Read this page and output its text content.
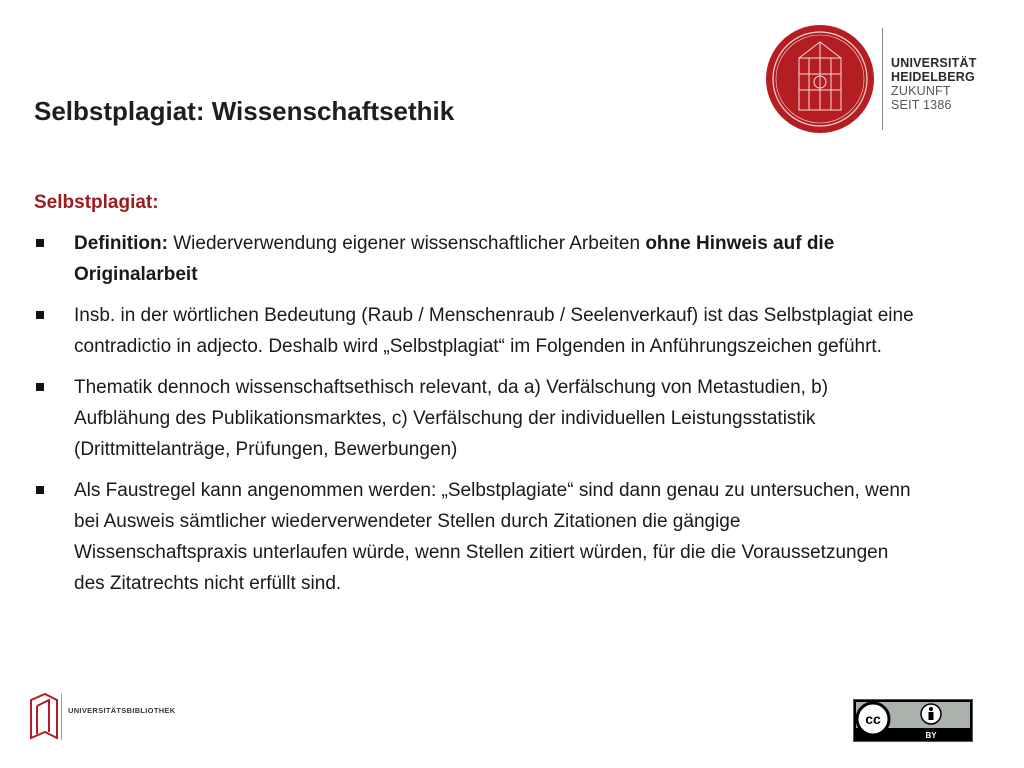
Selbstplagiat: Wissenschaftsethik
UNIVERSITÄT
HEIDELBERG
ZUKUNFT
SEIT 1386

Selbstplagiat:

Definition: Wiederverwendung eigener wissenschaftlicher Arbeiten ohne Hinweis auf die Originalarbeit
Insb. in der wörtlichen Bedeutung (Raub / Menschenraub / Seelenverkauf) ist das Selbstplagiat eine contradictio in adjecto. Deshalb wird „Selbstplagiat“ im Folgenden in Anführungszeichen geführt.
Thematik dennoch wissenschaftsethisch relevant, da a) Verfälschung von Metastudien, b) Aufblähung des Publikationsmarktes, c) Verfälschung der individuellen Leistungsstatistik (Drittmittelanträge, Prüfungen, Bewerbungen)
Als Faustregel kann angenommen werden: „Selbstplagiate“ sind dann genau zu untersuchen, wenn bei Ausweis sämtlicher wiederverwendeter Stellen durch Zitationen die gängige Wissenschaftspraxis unterlaufen würde, wenn Stellen zitiert würden, für die die Voraussetzungen des Zitatrechts nicht erfüllt sind.
UNIVERSITÄTSBIBLIOTHEK
cc
BY
